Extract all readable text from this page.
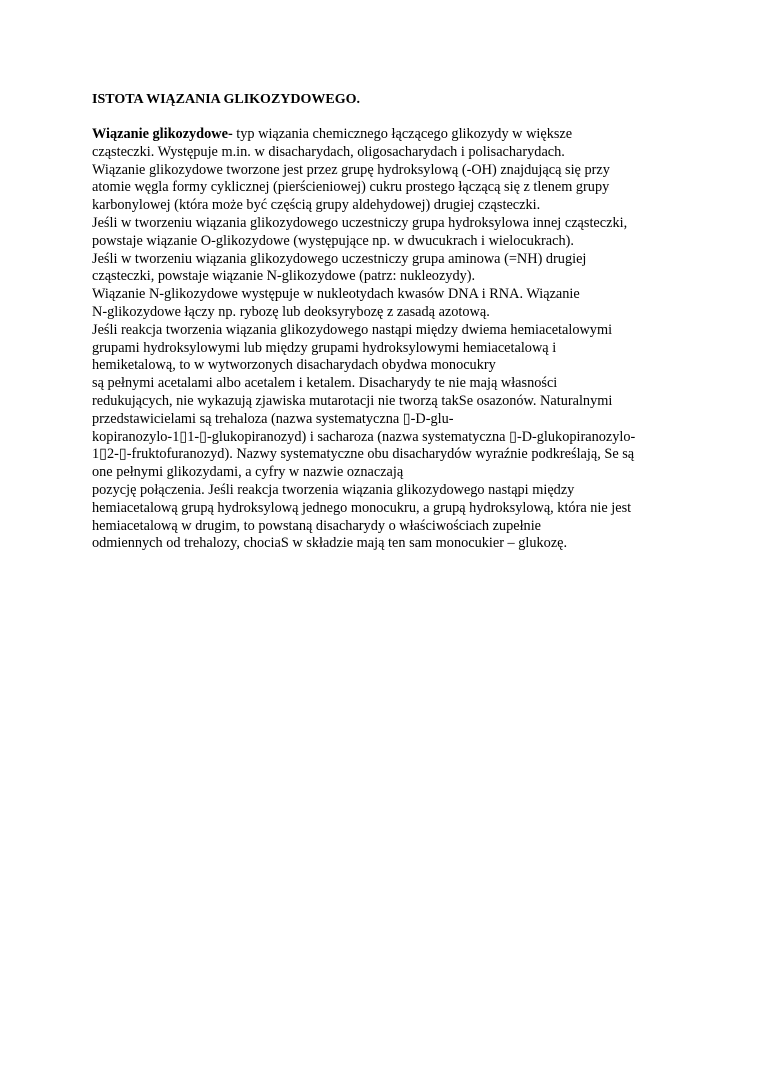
ISTOTA WIĄZANIA GLIKOZYDOWEGO.
Wiązanie glikozydowe- typ wiązania chemicznego łączącego glikozydy w większe
cząsteczki. Występuje m.in. w disacharydach, oligosacharydach i polisacharydach.
Wiązanie glikozydowe tworzone jest przez grupę hydroksylową (-OH) znajdującą się przy
atomie węgla formy cyklicznej (pierścieniowej) cukru prostego łączącą się z tlenem grupy
karbonylowej (która może być częścią grupy aldehydowej) drugiej cząsteczki.
Jeśli w tworzeniu wiązania glikozydowego uczestniczy grupa hydroksylowa innej cząsteczki,
powstaje wiązanie O-glikozydowe (występujące np. w dwucukrach i wielocukrach).
Jeśli w tworzeniu wiązania glikozydowego uczestniczy grupa aminowa (=NH) drugiej
cząsteczki, powstaje wiązanie N-glikozydowe (patrz: nukleozydy).
Wiązanie N-glikozydowe występuje w nukleotydach kwasów DNA i RNA. Wiązanie
N-glikozydowe łączy np. rybozę lub deoksyrybozę z zasadą azotową.
Jeśli reakcja tworzenia wiązania glikozydowego nastąpi między dwiema hemiacetalowymi
grupami hydroksylowymi lub między grupami hydroksylowymi hemiacetalową i
hemiketalową, to w wytworzonych disacharydach obydwa monocukry
są pełnymi acetalami albo acetalem i ketalem. Disacharydy te nie mają własności
redukujących, nie wykazują zjawiska mutarotacji nie tworzą takSe osazonów. Naturalnymi
przedstawicielami są trehaloza (nazwa systematyczna ▯-D-glu-
kopiranozylo-1▯1-▯-glukopiranozyd) i sacharoza (nazwa systematyczna ▯-D-glukopiranozylo-
1▯2-▯-fruktofuranozyd). Nazwy systematyczne obu disacharydów wyraźnie podkreślają, Se są
one pełnymi glikozydami, a cyfry w nazwie oznaczają
pozycję połączenia. Jeśli reakcja tworzenia wiązania glikozydowego nastąpi między
hemiacetalową grupą hydroksylową jednego monocukru, a grupą hydroksylową, która nie jest
hemiacetalową w drugim, to powstaną disacharydy o właściwościach zupełnie
odmiennych od trehalozy, chociaS w składzie mają ten sam monocukier – glukozę.
